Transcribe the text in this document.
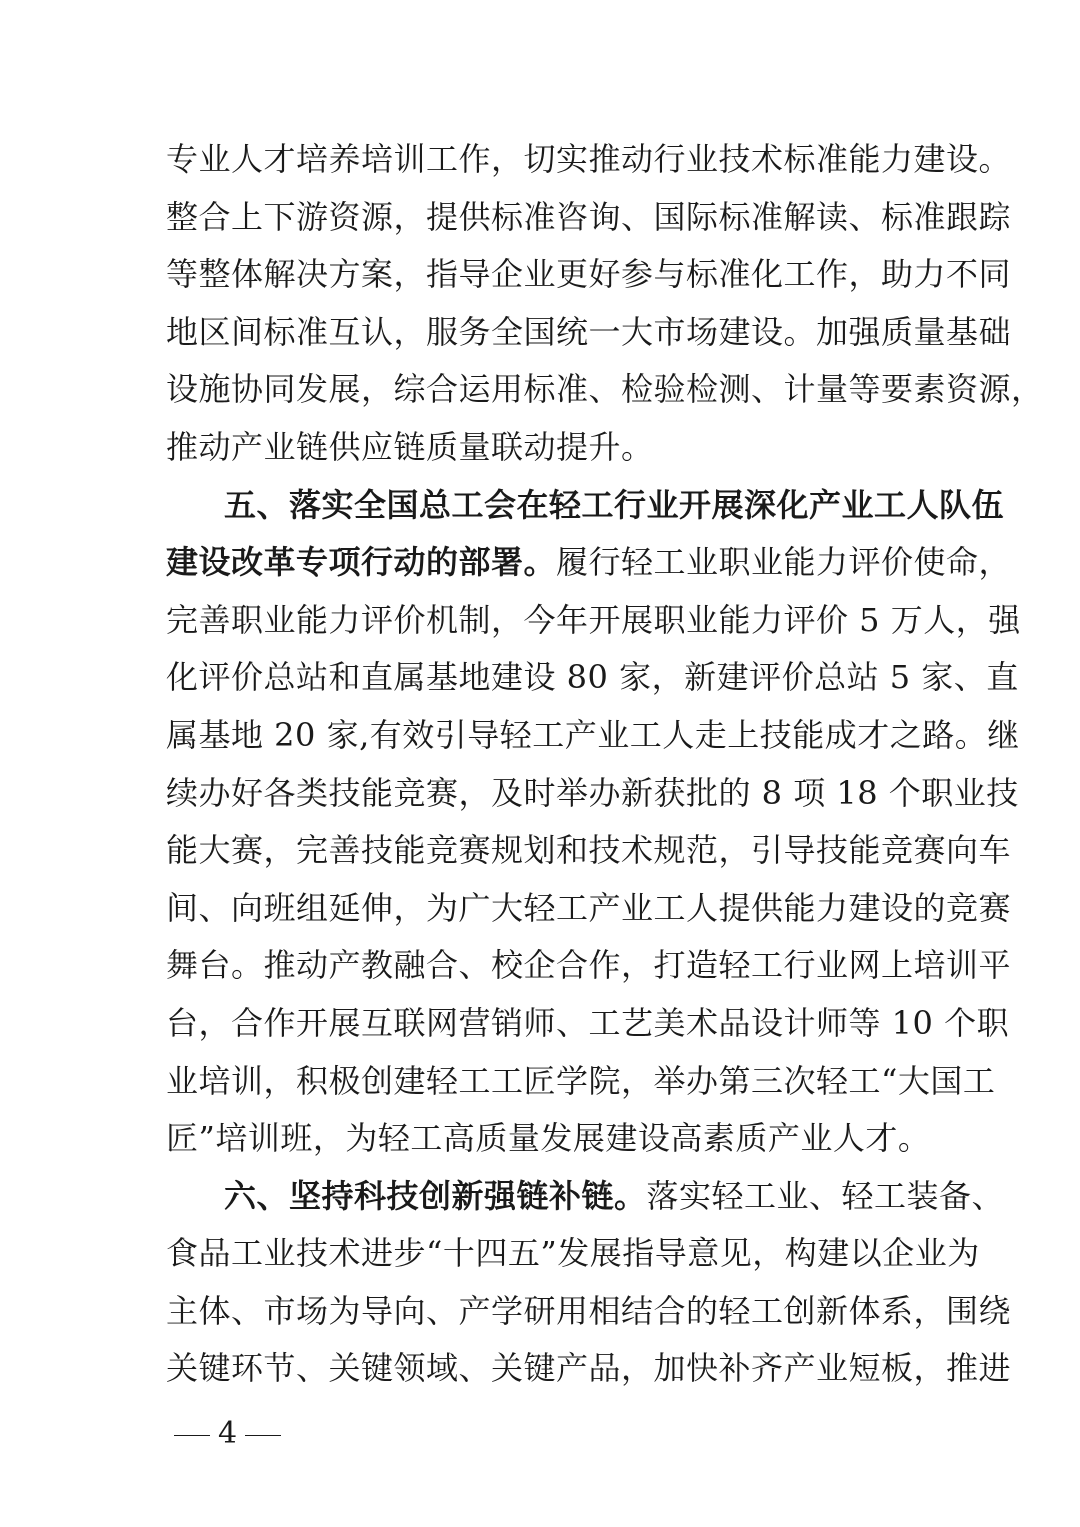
专业人才培养培训工作，切实推动行业技术标准能力建设。
整合上下游资源，提供标准咨询、国际标准解读、标准跟踪
等整体解决方案，指导企业更好参与标准化工作，助力不同
地区间标准互认，服务全国统一大市场建设。加强质量基础
设施协同发展，综合运用标准、检验检测、计量等要素资源，
推动产业链供应链质量联动提升。
五、落实全国总工会在轻工行业开展深化产业工人队伍
建设改革专项行动的部署。履行轻工业职业能力评价使命，
完善职业能力评价机制，今年开展职业能力评价 5 万人，强
化评价总站和直属基地建设 80 家，新建评价总站 5 家、直
属基地 20 家,有效引导轻工产业工人走上技能成才之路。继
续办好各类技能竞赛，及时举办新获批的 8 项 18 个职业技
能大赛，完善技能竞赛规划和技术规范，引导技能竞赛向车
间、向班组延伸，为广大轻工产业工人提供能力建设的竞赛
舞台。推动产教融合、校企合作，打造轻工行业网上培训平
台，合作开展互联网营销师、工艺美术品设计师等 10 个职
业培训，积极创建轻工工匠学院，举办第三次轻工“大国工
匠”培训班，为轻工高质量发展建设高素质产业人才。
六、坚持科技创新强链补链。落实轻工业、轻工装备、
食品工业技术进步“十四五”发展指导意见，构建以企业为
主体、市场为导向、产学研用相结合的轻工创新体系，围绕
关键环节、关键领域、关键产品，加快补齐产业短板，推进
4
